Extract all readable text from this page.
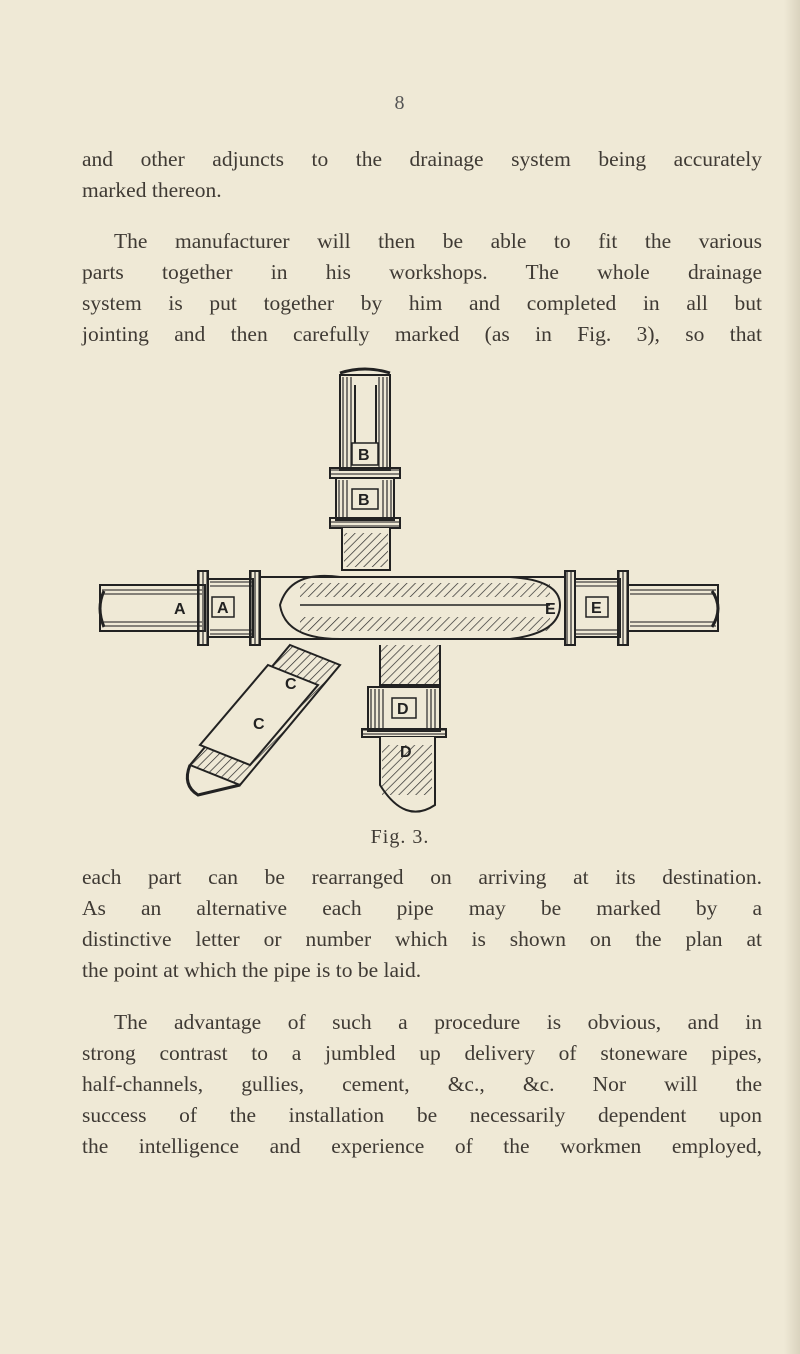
8
and other adjuncts to the drainage system being accurately
marked thereon.
The manufacturer will then be able to fit the various
parts together in his workshops. The whole drainage
system is put together by him and completed in all but
jointing and then carefully marked (as in Fig. 3), so that
B
B
A A	E E
C
C
D
D
Fig. 3.
each part can be rearranged on arriving at its destination.
As an alternative each pipe may be marked by a
distinctive letter or number which is shown on the plan at
the point at which the pipe is to be laid.
The advantage of such a procedure is obvious, and in
strong contrast to a jumbled up delivery of stoneware pipes,
half-channels, gullies, cement, &c., &c. Nor will the
success of the installation be necessarily dependent upon
the intelligence and experience of the workmen employed,
